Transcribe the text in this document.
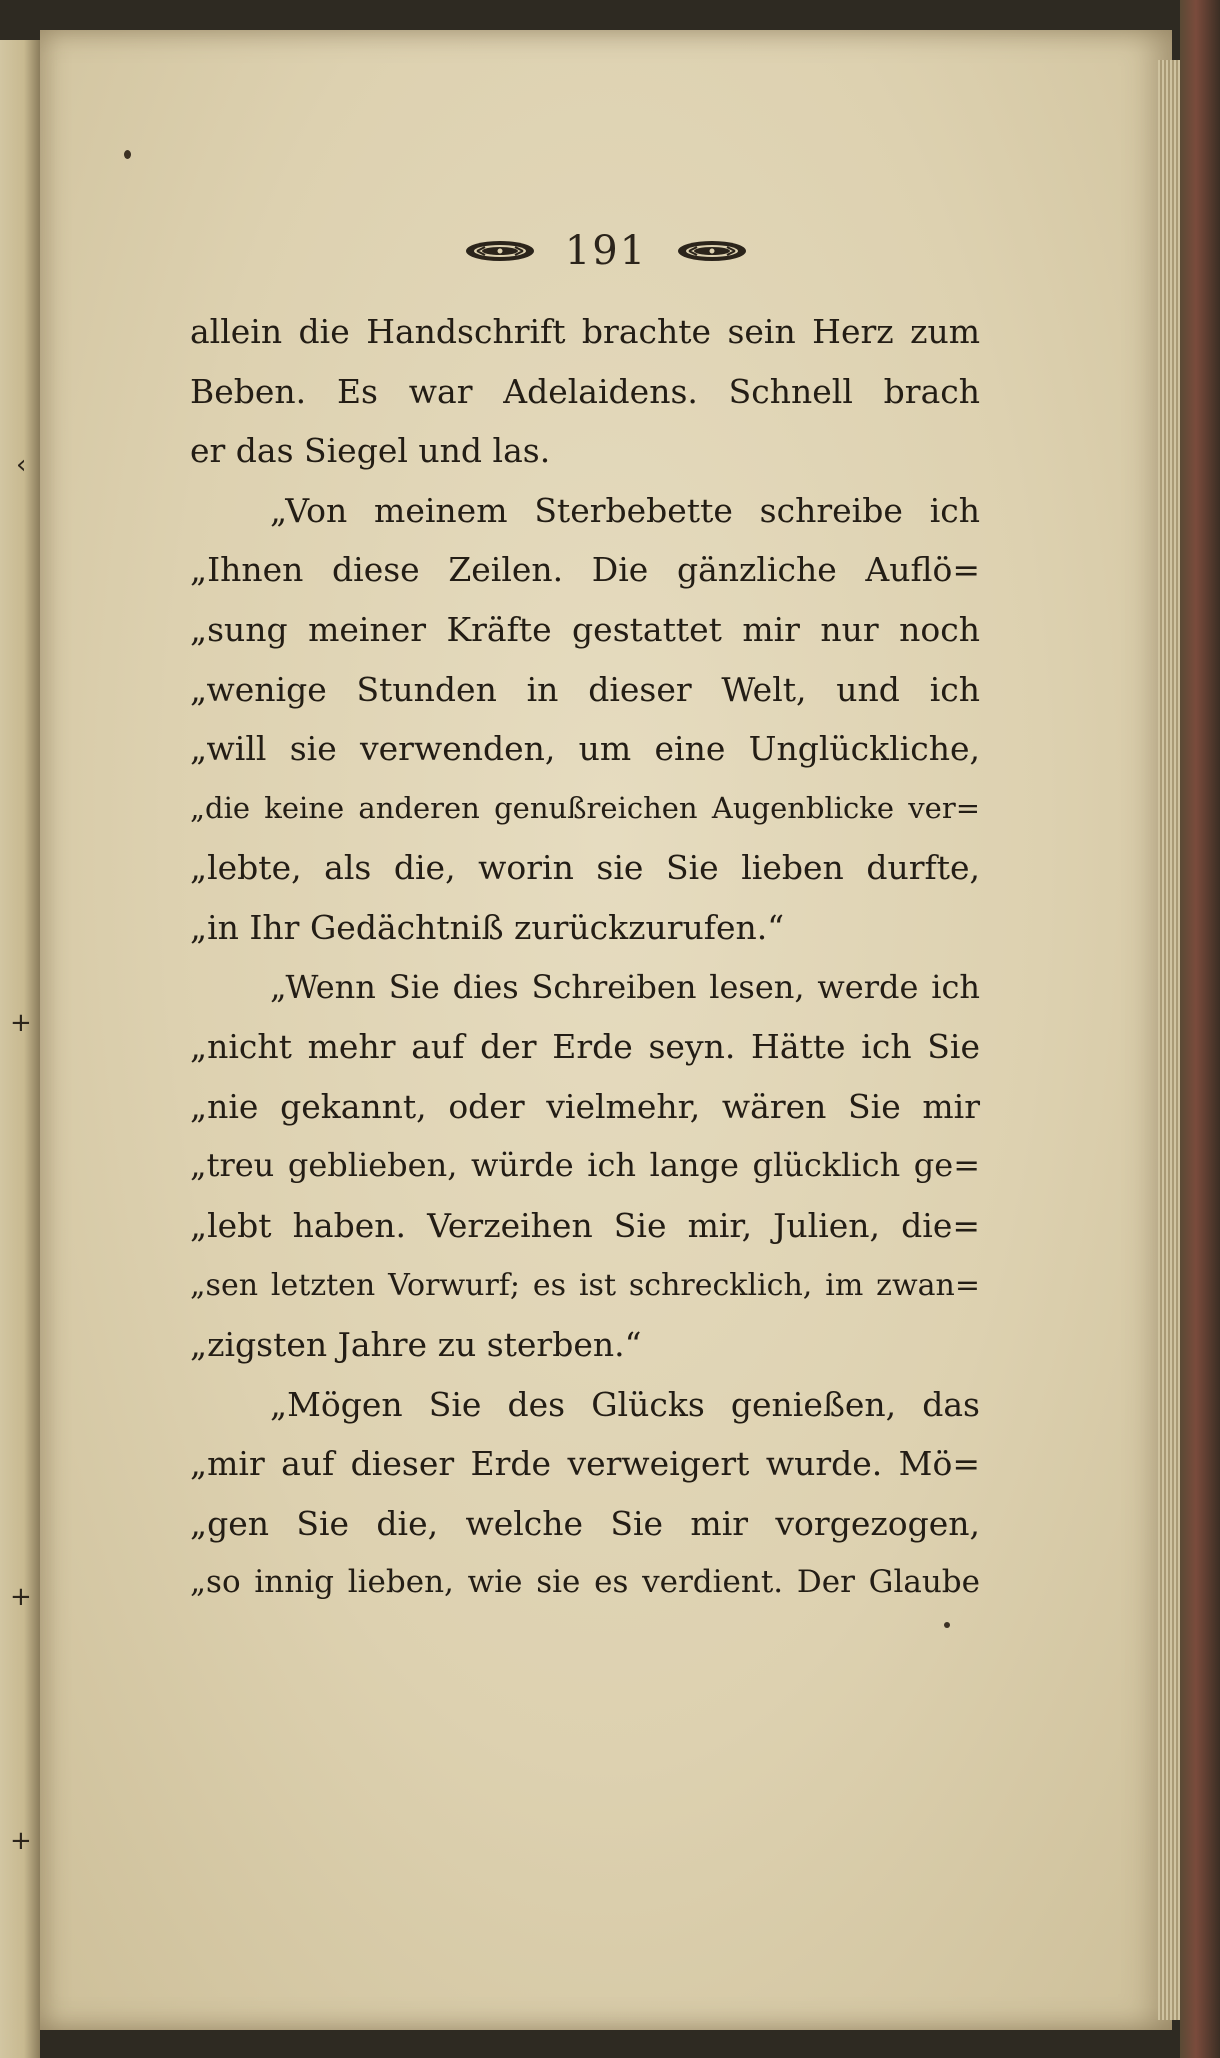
191
allein die Handschrift brachte sein Herz zum
Beben. Es war Adelaidens. Schnell brach
er das Siegel und las.
„Von meinem Sterbebette schreibe ich
„Ihnen diese Zeilen. Die gänzliche Auflö=
„sung meiner Kräfte gestattet mir nur noch
„wenige Stunden in dieser Welt, und ich
„will sie verwenden, um eine Unglückliche,
„die keine anderen genußreichen Augenblicke ver=
„lebte, als die, worin sie Sie lieben durfte,
„in Ihr Gedächtniß zurückzurufen.“
„Wenn Sie dies Schreiben lesen, werde ich
„nicht mehr auf der Erde seyn. Hätte ich Sie
„nie gekannt, oder vielmehr, wären Sie mir
„treu geblieben, würde ich lange glücklich ge=
„lebt haben. Verzeihen Sie mir, Julien, die=
„sen letzten Vorwurf; es ist schrecklich, im zwan=
„zigsten Jahre zu sterben.“
„Mögen Sie des Glücks genießen, das
„mir auf dieser Erde verweigert wurde. Mö=
„gen Sie die, welche Sie mir vorgezogen,
„so innig lieben, wie sie es verdient. Der Glaube
‹
+
+
+
